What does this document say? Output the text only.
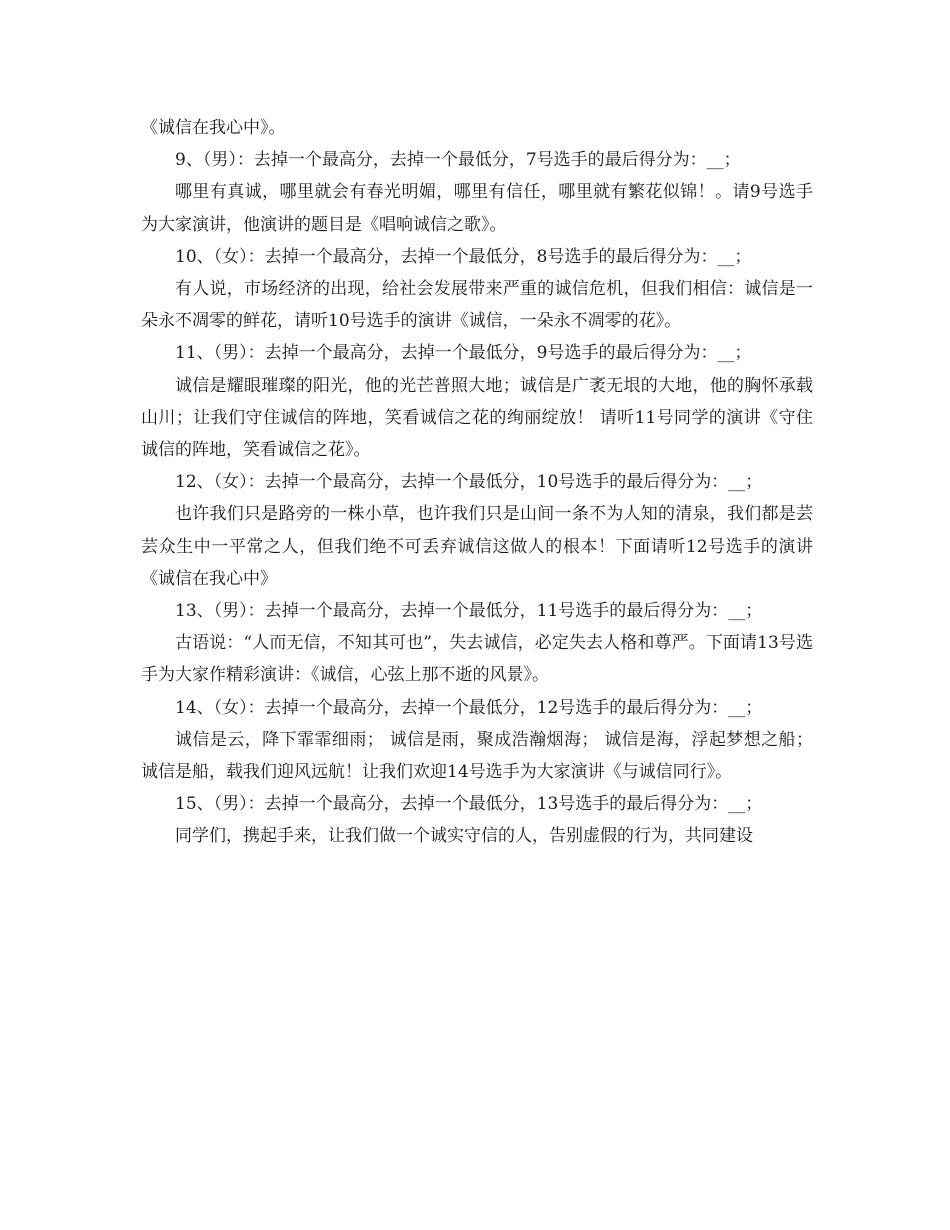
《诚信在我心中》。

9、（男）：去掉一个最高分，去掉一个最低分，7号选手的最后得分为：__；

哪里有真诚，哪里就会有春光明媚，哪里有信任，哪里就有繁花似锦！。请9号选手为大家演讲，他演讲的题目是《唱响诚信之歌》。

10、（女）：去掉一个最高分，去掉一个最低分，8号选手的最后得分为：__；

有人说，市场经济的出现，给社会发展带来严重的诚信危机，但我们相信：诚信是一朵永不凋零的鲜花，请听10号选手的演讲《诚信，一朵永不凋零的花》。

11、（男）：去掉一个最高分，去掉一个最低分，9号选手的最后得分为：__；

诚信是耀眼璀璨的阳光，他的光芒普照大地；诚信是广袤无垠的大地，他的胸怀承载山川；让我们守住诚信的阵地，笑看诚信之花的绚丽绽放！ 请听11号同学的演讲《守住诚信的阵地，笑看诚信之花》。

12、（女）：去掉一个最高分，去掉一个最低分，10号选手的最后得分为：__；

也许我们只是路旁的一株小草，也许我们只是山间一条不为人知的清泉，我们都是芸芸众生中一平常之人，但我们绝不可丢弃诚信这做人的根本！下面请听12号选手的演讲《诚信在我心中》

13、（男）：去掉一个最高分，去掉一个最低分，11号选手的最后得分为：__；

古语说：“人而无信，不知其可也”，失去诚信，必定失去人格和尊严。下面请13号选手为大家作精彩演讲：《诚信，心弦上那不逝的风景》。

14、（女）：去掉一个最高分，去掉一个最低分，12号选手的最后得分为：__；

诚信是云，降下霏霏细雨； 诚信是雨，聚成浩瀚烟海； 诚信是海，浮起梦想之船； 诚信是船，载我们迎风远航！让我们欢迎14号选手为大家演讲《与诚信同行》。

15、（男）：去掉一个最高分，去掉一个最低分，13号选手的最后得分为：__；

同学们，携起手来，让我们做一个诚实守信的人，告别虚假的行为，共同建设
